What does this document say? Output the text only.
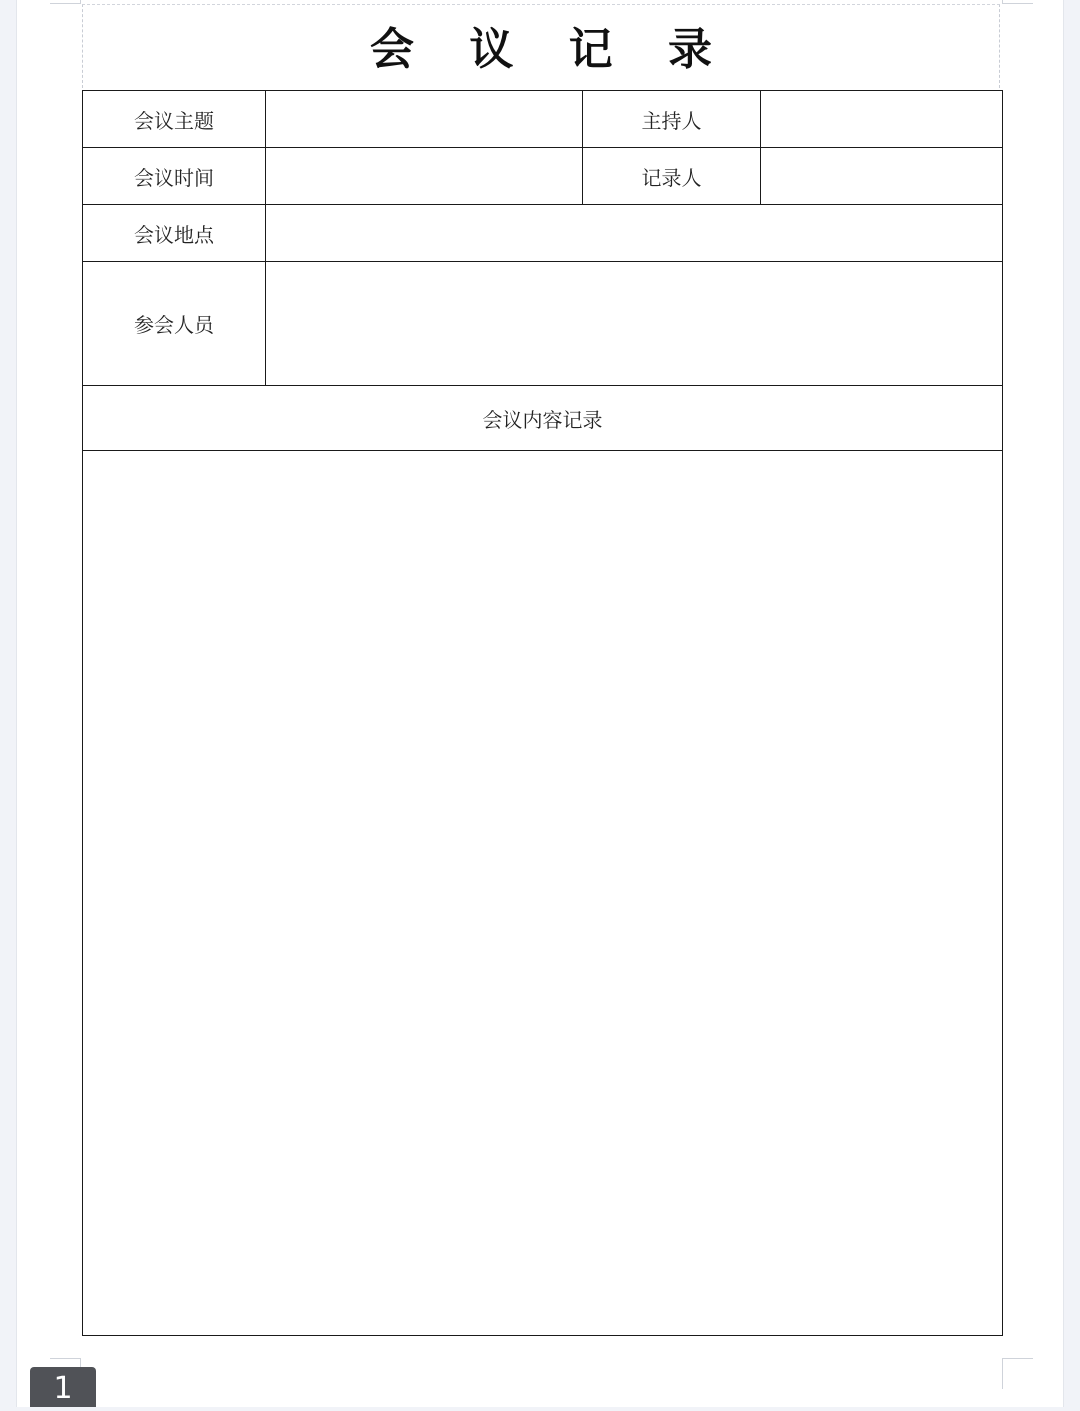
会 议 记 录
会议主题		主持人	
会议时间		记录人	
会议地点			
参会人员			
会议内容记录			

1
